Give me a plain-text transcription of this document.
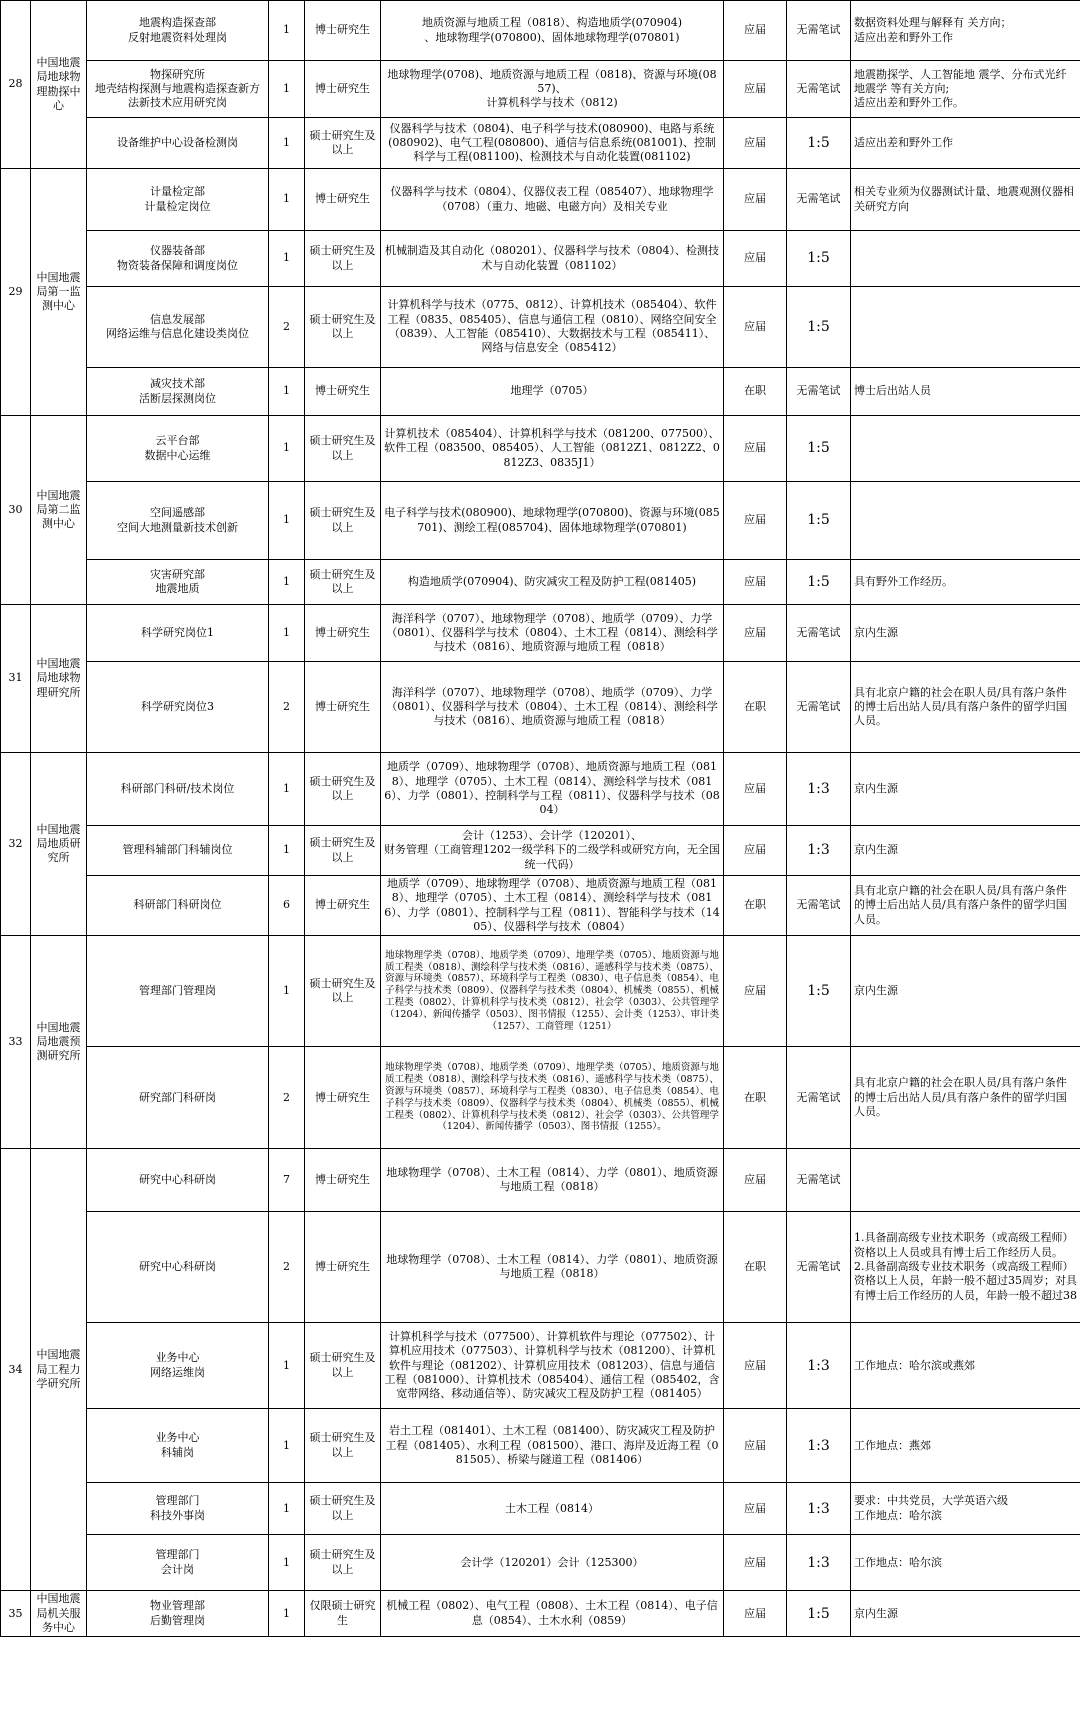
28	中国地震局地球物理勘探中心	地震构造探查部
反射地震资料处理岗	1	博士研究生	地质资源与地质工程（0818）、构造地质学(070904)
、地球物理学(070800)、固体地球物理学(070801)	应届	无需笔试	数据资料处理与解释有 关方向；
适应出差和野外工作
		物探研究所
地壳结构探测与地震构造探查新方法新技术应用研究岗	1	博士研究生	地球物理学(0708)、地质资源与地质工程（0818)、资源与环境(0857)、
计算机科学与技术（0812)	应届	无需笔试	地震勘探学、人工智能地 震学、分布式光纤地震学 等有关方向;
适应出差和野外工作。
		设备维护中心设备检测岗	1	硕士研究生及以上	仪器科学与技术（0804)、电子科学与技术(080900)、电路与系统(080902)、电气工程(080800)、通信与信息系统(081001)、控制科学与工程(081100)、检测技术与自动化装置(081102)	应届	1:5	适应出差和野外工作
29	中国地震局第一监测中心	计量检定部
计量检定岗位	1	博士研究生	仪器科学与技术（0804）、仪器仪表工程（085407）、地球物理学（0708）（重力、地磁、电磁方向）及相关专业	应届	无需笔试	相关专业须为仪器测试计量、地震观测仪器相关研究方向
		仪器装备部
物资装备保障和调度岗位	1	硕士研究生及以上	机械制造及其自动化（080201）、仪器科学与技术（0804）、检测技术与自动化装置（081102）	应届	1:5	
		信息发展部
网络运维与信息化建设类岗位	2	硕士研究生及以上	计算机科学与技术（0775、0812）、计算机技术（085404）、软件工程（0835、085405）、信息与通信工程（0810）、网络空间安全（0839）、人工智能（085410）、大数据技术与工程（085411）、网络与信息安全（085412）	应届	1:5	
		减灾技术部
活断层探测岗位	1	博士研究生	地理学（0705）	在职	无需笔试	博士后出站人员
30	中国地震局第二监测中心	云平台部
数据中心运维	1	硕士研究生及以上	计算机技术（085404）、计算机科学与技术（081200、077500）、软件工程（083500、085405）、人工智能（0812Z1、0812Z2、0812Z3、0835J1）	应届	1:5	
		空间遥感部
空间大地测量新技术创新	1	硕士研究生及以上	电子科学与技术(080900)、地球物理学(070800)、资源与环境(085701)、测绘工程(085704)、固体地球物理学(070801)	应届	1:5	
		灾害研究部
地震地质	1	硕士研究生及以上	构造地质学(070904)、防灾减灾工程及防护工程(081405)	应届	1:5	具有野外工作经历。
31	中国地震局地球物理研究所	科学研究岗位1	1	博士研究生	海洋科学（0707）、地球物理学（0708）、地质学（0709）、力学（0801）、仪器科学与技术（0804）、土木工程（0814）、测绘科学与技术（0816）、地质资源与地质工程（0818）	应届	无需笔试	京内生源
		科学研究岗位3	2	博士研究生	海洋科学（0707）、地球物理学（0708）、地质学（0709）、力学（0801）、仪器科学与技术（0804）、土木工程（0814）、测绘科学与技术（0816）、地质资源与地质工程（0818）	在职	无需笔试	具有北京户籍的社会在职人员/具有落户条件的博士后出站人员/具有落户条件的留学归国人员。
32	中国地震局地质研究所	科研部门科研/技术岗位	1	硕士研究生及以上	地质学（0709）、地球物理学（0708）、地质资源与地质工程（0818）、地理学（0705）、土木工程（0814）、测绘科学与技术（0816）、力学（0801）、控制科学与工程（0811）、仪器科学与技术（0804）	应届	1:3	京内生源
		管理科辅部门科辅岗位	1	硕士研究生及以上	会计（1253）、会计学（120201）、
财务管理（工商管理1202一级学科下的二级学科或研究方向，无全国统一代码）	应届	1:3	京内生源
		科研部门科研岗位	6	博士研究生	地质学（0709）、地球物理学（0708）、地质资源与地质工程（0818）、地理学（0705）、土木工程（0814）、测绘科学与技术（0816）、力学（0801）、控制科学与工程（0811）、智能科学与技术（1405）、仪器科学与技术（0804）	在职	无需笔试	具有北京户籍的社会在职人员/具有落户条件的博士后出站人员/具有落户条件的留学归国人员。
33	中国地震局地震预测研究所	管理部门管理岗	1	硕士研究生及以上	地球物理学类（0708）、地质学类（0709）、地理学类（0705）、地质资源与地质工程类（0818）、测绘科学与技术类（0816）、遥感科学与技术类（0875）、资源与环境类（0857）、环境科学与工程类（0830）、电子信息类（0854）、电子科学与技术类（0809）、仪器科学与技术类（0804）、机械类（0855）、机械工程类（0802）、计算机科学与技术类（0812）、社会学（0303）、公共管理学（1204）、新闻传播学（0503）、图书情报（1255）、会计类（1253）、审计类（1257）、工商管理（1251）	应届	1:5	京内生源
		研究部门科研岗	2	博士研究生	地球物理学类（0708）、地质学类（0709）、地理学类（0705）、地质资源与地质工程类（0818）、测绘科学与技术类（0816）、遥感科学与技术类（0875）、资源与环境类（0857）、环境科学与工程类（0830）、电子信息类（0854）、电子科学与技术类（0809）、仪器科学与技术类（0804）、机械类（0855）、机械工程类（0802）、计算机科学与技术类（0812）、社会学（0303）、公共管理学（1204）、新闻传播学（0503）、图书情报（1255）。	在职	无需笔试	具有北京户籍的社会在职人员/具有落户条件的博士后出站人员/具有落户条件的留学归国人员。
34	中国地震局工程力学研究所	研究中心科研岗	7	博士研究生	地球物理学（0708）、土木工程（0814）、力学（0801）、地质资源与地质工程（0818）	应届	无需笔试	
		研究中心科研岗	2	博士研究生	地球物理学（0708）、土木工程（0814）、力学（0801）、地质资源与地质工程（0818）	在职	无需笔试	1.具备副高级专业技术职务（或高级工程师）资格以上人员或具有博士后工作经历人员。
2.具备副高级专业技术职务（或高级工程师）资格以上人员，年龄一般不超过35周岁；对具有博士后工作经历的人员，年龄一般不超过38
		业务中心
网络运维岗	1	硕士研究生及以上	计算机科学与技术（077500）、计算机软件与理论（077502）、计算机应用技术（077503）、计算机科学与技术（081200）、计算机软件与理论（081202）、计算机应用技术（081203）、信息与通信工程（081000）、计算机技术（085404）、通信工程（085402，含宽带网络、移动通信等）、防灾减灾工程及防护工程（081405）	应届	1:3	工作地点：哈尔滨或燕郊
		业务中心
科辅岗	1	硕士研究生及以上	岩土工程（081401）、土木工程（081400）、防灾减灾工程及防护工程（081405）、水利工程（081500）、港口、海岸及近海工程（081505）、桥梁与隧道工程（081406）	应届	1:3	工作地点：燕郊
		管理部门
科技外事岗	1	硕士研究生及以上	土木工程（0814）	应届	1:3	要求：中共党员，大学英语六级
工作地点：哈尔滨
		管理部门
会计岗	1	硕士研究生及以上	会计学（120201）会计（125300）	应届	1:3	工作地点：哈尔滨
35	中国地震局机关服务中心	物业管理部
后勤管理岗	1	仅限硕士研究生	机械工程（0802）、电气工程（0808）、土木工程（0814）、电子信息（0854）、土木水利（0859）	应届	1:5	京内生源
